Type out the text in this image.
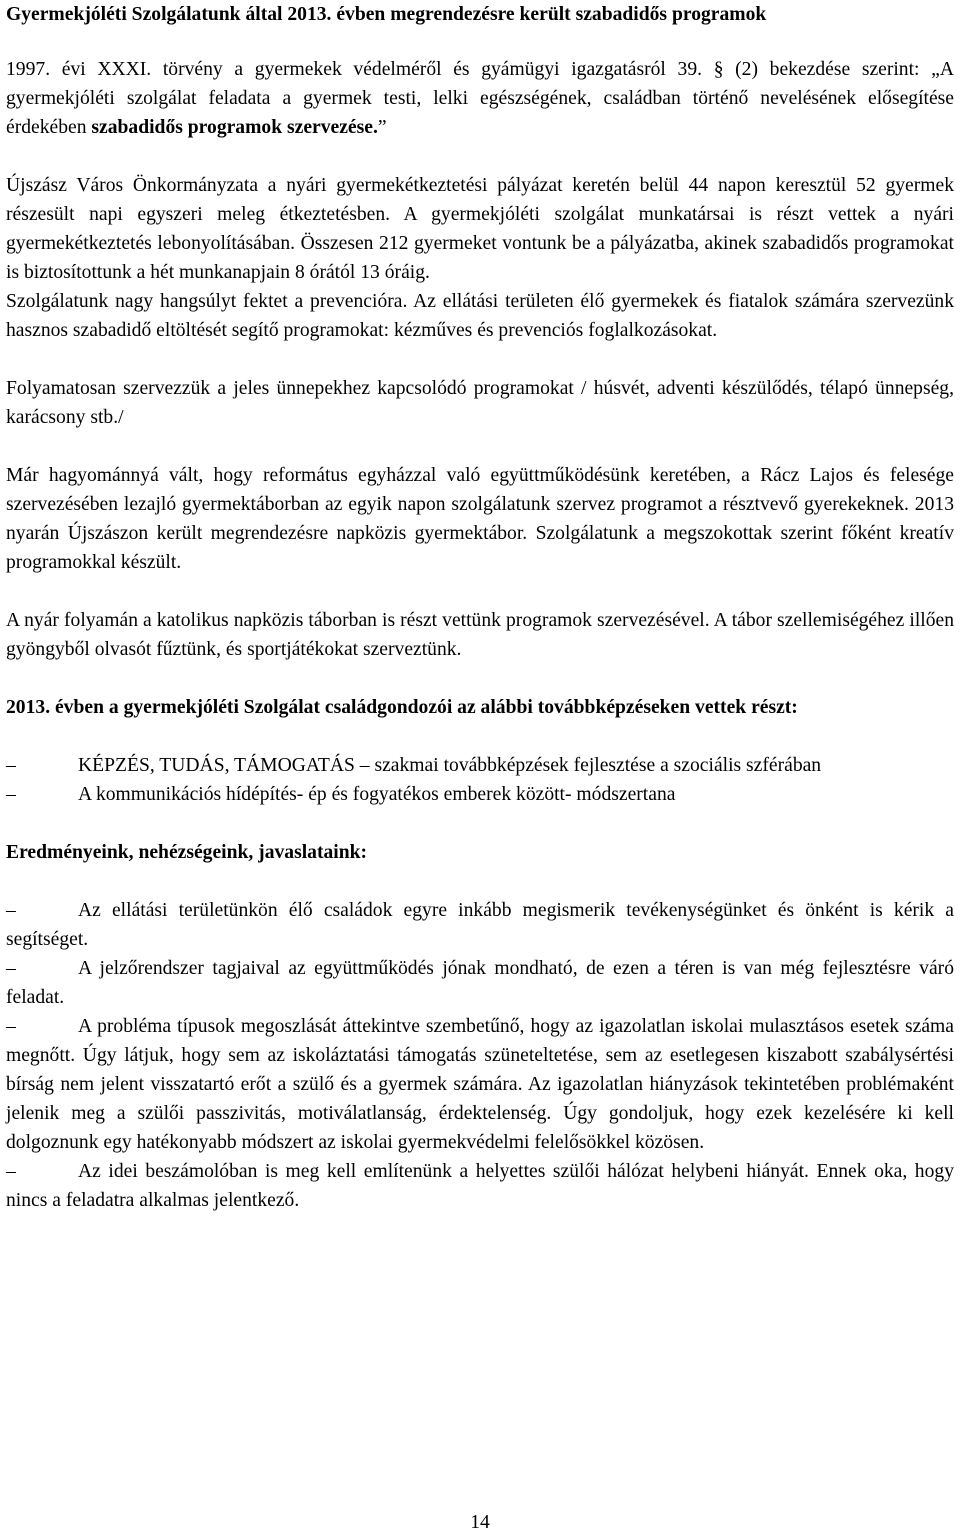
Gyermekjóléti Szolgálatunk által 2013. évben megrendezésre került szabadidős programok

1997. évi XXXI. törvény a gyermekek védelméről és gyámügyi igazgatásról 39. § (2) bekezdése szerint: „A gyermekjóléti szolgálat feladata a gyermek testi, lelki egészségének, családban történő nevelésének elősegítése érdekében szabadidős programok szervezése.”

Újszász Város Önkormányzata a nyári gyermekétkeztetési pályázat keretén belül 44 napon keresztül 52 gyermek részesült napi egyszeri meleg étkeztetésben. A gyermekjóléti szolgálat munkatársai is részt vettek a nyári gyermekétkeztetés lebonyolításában. Összesen 212 gyermeket vontunk be a pályázatba, akinek szabadidős programokat is biztosítottunk a hét munkanapjain 8 órától 13 óráig.

Szolgálatunk nagy hangsúlyt fektet a prevencióra. Az ellátási területen élő gyermekek és fiatalok számára szervezünk hasznos szabadidő eltöltését segítő programokat: kézműves és prevenciós foglalkozásokat.

Folyamatosan szervezzük a jeles ünnepekhez kapcsolódó programokat / húsvét, adventi készülődés, télapó ünnepség, karácsony stb./

Már hagyománnyá vált, hogy református egyházzal való együttműködésünk keretében, a Rácz Lajos és felesége szervezésében lezajló gyermektáborban az egyik napon szolgálatunk szervez programot a résztvevő gyerekeknek. 2013 nyarán Újszászon került megrendezésre napközis gyermektábor. Szolgálatunk a megszokottak szerint főként kreatív programokkal készült.

A nyár folyamán a katolikus napközis táborban is részt vettünk programok szervezésével. A tábor szellemiségéhez illően gyöngyből olvasót fűztünk, és sportjátékokat szerveztünk.

2013. évben a gyermekjóléti Szolgálat családgondozói az alábbi továbbképzéseken vettek részt:

–	KÉPZÉS, TUDÁS, TÁMOGATÁS – szakmai továbbképzések fejlesztése a szociális szférában

–	A kommunikációs hídépítés- ép és fogyatékos emberek között- módszertana

Eredményeink, nehézségeink, javaslataink:

–	Az ellátási területünkön élő családok egyre inkább megismerik tevékenységünket és önként is kérik a segítséget.

–	A jelzőrendszer tagjaival az együttműködés jónak mondható, de ezen a téren is van még fejlesztésre váró feladat.

–	A probléma típusok megoszlását áttekintve szembetűnő, hogy az igazolatlan iskolai mulasztásos esetek száma megnőtt. Úgy látjuk, hogy sem az iskoláztatási támogatás szüneteltetése, sem az esetlegesen kiszabott szabálysértési bírság nem jelent visszatartó erőt a szülő és a gyermek számára. Az igazolatlan hiányzások tekintetében problémaként jelenik meg a szülői passzivitás, motiválatlanság, érdektelenség. Úgy gondoljuk, hogy ezek kezelésére ki kell dolgoznunk egy hatékonyabb módszert az iskolai gyermekvédelmi felelősökkel közösen.

–	Az idei beszámolóban is meg kell említenünk a helyettes szülői hálózat helybeni hiányát. Ennek oka, hogy nincs a feladatra alkalmas jelentkező.

14
